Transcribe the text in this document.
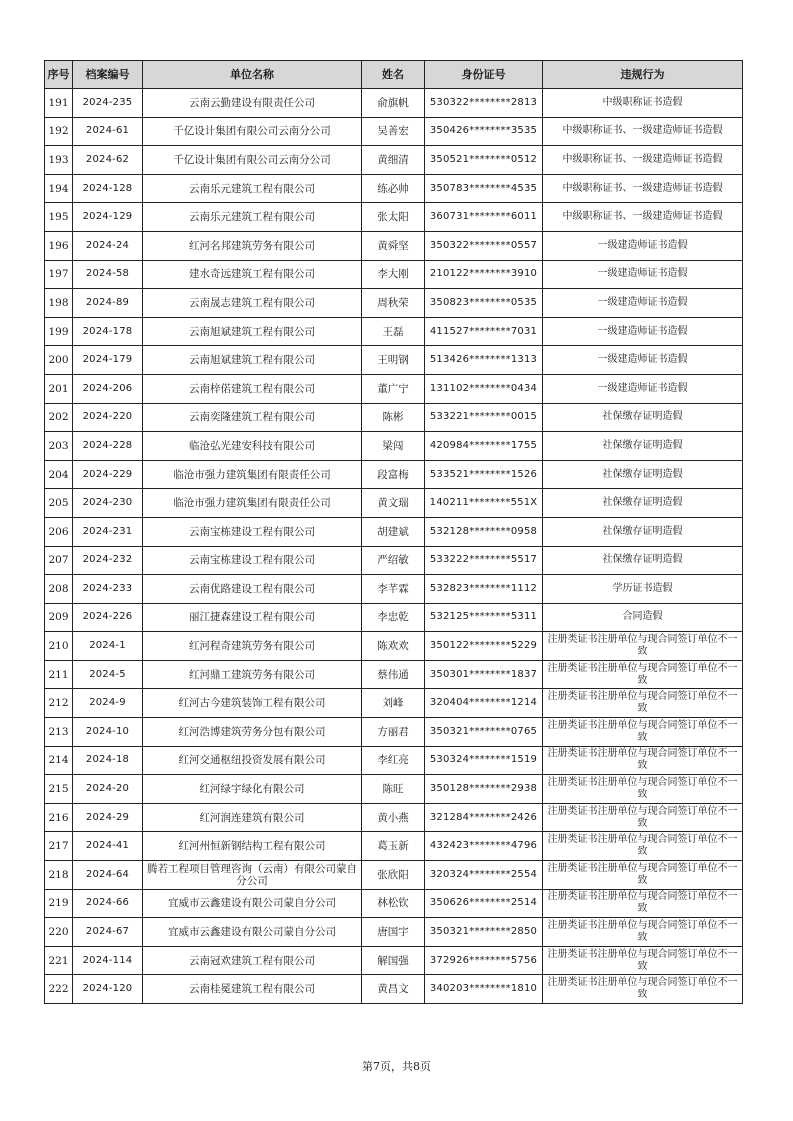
序号	档案编号	单位名称	姓名	身份证号	违规行为
191	2024-235	云南云勤建设有限责任公司	俞旗帆	530322********2813	中级职称证书造假
192	2024-61	千亿设计集团有限公司云南分公司	吴善宏	350426********3535	中级职称证书、一级建造师证书造假
193	2024-62	千亿设计集团有限公司云南分公司	黄细清	350521********0512	中级职称证书、一级建造师证书造假
194	2024-128	云南乐元建筑工程有限公司	练必帅	350783********4535	中级职称证书、一级建造师证书造假
195	2024-129	云南乐元建筑工程有限公司	张太阳	360731********6011	中级职称证书、一级建造师证书造假
196	2024-24	红河名邦建筑劳务有限公司	黄舜坚	350322********0557	一级建造师证书造假
197	2024-58	建水奇远建筑工程有限公司	李大刚	210122********3910	一级建造师证书造假
198	2024-89	云南晟志建筑工程有限公司	周秋荣	350823********0535	一级建造师证书造假
199	2024-178	云南旭斌建筑工程有限公司	王磊	411527********7031	一级建造师证书造假
200	2024-179	云南旭斌建筑工程有限公司	王明钢	513426********1313	一级建造师证书造假
201	2024-206	云南梓偌建筑工程有限公司	董广宁	131102********0434	一级建造师证书造假
202	2024-220	云南奕隆建筑工程有限公司	陈彬	533221********0015	社保缴存证明造假
203	2024-228	临沧弘光建安科技有限公司	梁闯	420984********1755	社保缴存证明造假
204	2024-229	临沧市强力建筑集团有限责任公司	段富梅	533521********1526	社保缴存证明造假
205	2024-230	临沧市强力建筑集团有限责任公司	黄文瑞	140211********551X	社保缴存证明造假
206	2024-231	云南宝栋建设工程有限公司	胡建斌	532128********0958	社保缴存证明造假
207	2024-232	云南宝栋建设工程有限公司	严绍敏	533222********5517	社保缴存证明造假
208	2024-233	云南优路建设工程有限公司	李芊霖	532823********1112	学历证书造假
209	2024-226	丽江捷森建设工程有限公司	李忠乾	532125********5311	合同造假
210	2024-1	红河程奇建筑劳务有限公司	陈欢欢	350122********5229	注册类证书注册单位与现合同签订单位不一致
211	2024-5	红河鼎工建筑劳务有限公司	蔡伟通	350301********1837	注册类证书注册单位与现合同签订单位不一致
212	2024-9	红河古今建筑装饰工程有限公司	刘峰	320404********1214	注册类证书注册单位与现合同签订单位不一致
213	2024-10	红河浩博建筑劳务分包有限公司	方丽君	350321********0765	注册类证书注册单位与现合同签订单位不一致
214	2024-18	红河交通枢纽投资发展有限公司	李红亮	530324********1519	注册类证书注册单位与现合同签订单位不一致
215	2024-20	红河绿宇绿化有限公司	陈旺	350128********2938	注册类证书注册单位与现合同签订单位不一致
216	2024-29	红河润连建筑有限公司	黄小燕	321284********2426	注册类证书注册单位与现合同签订单位不一致
217	2024-41	红河州恒新钢结构工程有限公司	葛玉新	432423********4796	注册类证书注册单位与现合同签订单位不一致
218	2024-64	腾若工程项目管理咨询（云南）有限公司蒙自分公司	张欣阳	320324********2554	注册类证书注册单位与现合同签订单位不一致
219	2024-66	宜威市云鑫建设有限公司蒙自分公司	林松钦	350626********2514	注册类证书注册单位与现合同签订单位不一致
220	2024-67	宜威市云鑫建设有限公司蒙自分公司	唐国宇	350321********2850	注册类证书注册单位与现合同签订单位不一致
221	2024-114	云南冠欢建筑工程有限公司	解国强	372926********5756	注册类证书注册单位与现合同签订单位不一致
222	2024-120	云南桂冕建筑工程有限公司	黄昌文	340203********1810	注册类证书注册单位与现合同签订单位不一致
第7页，共8页
